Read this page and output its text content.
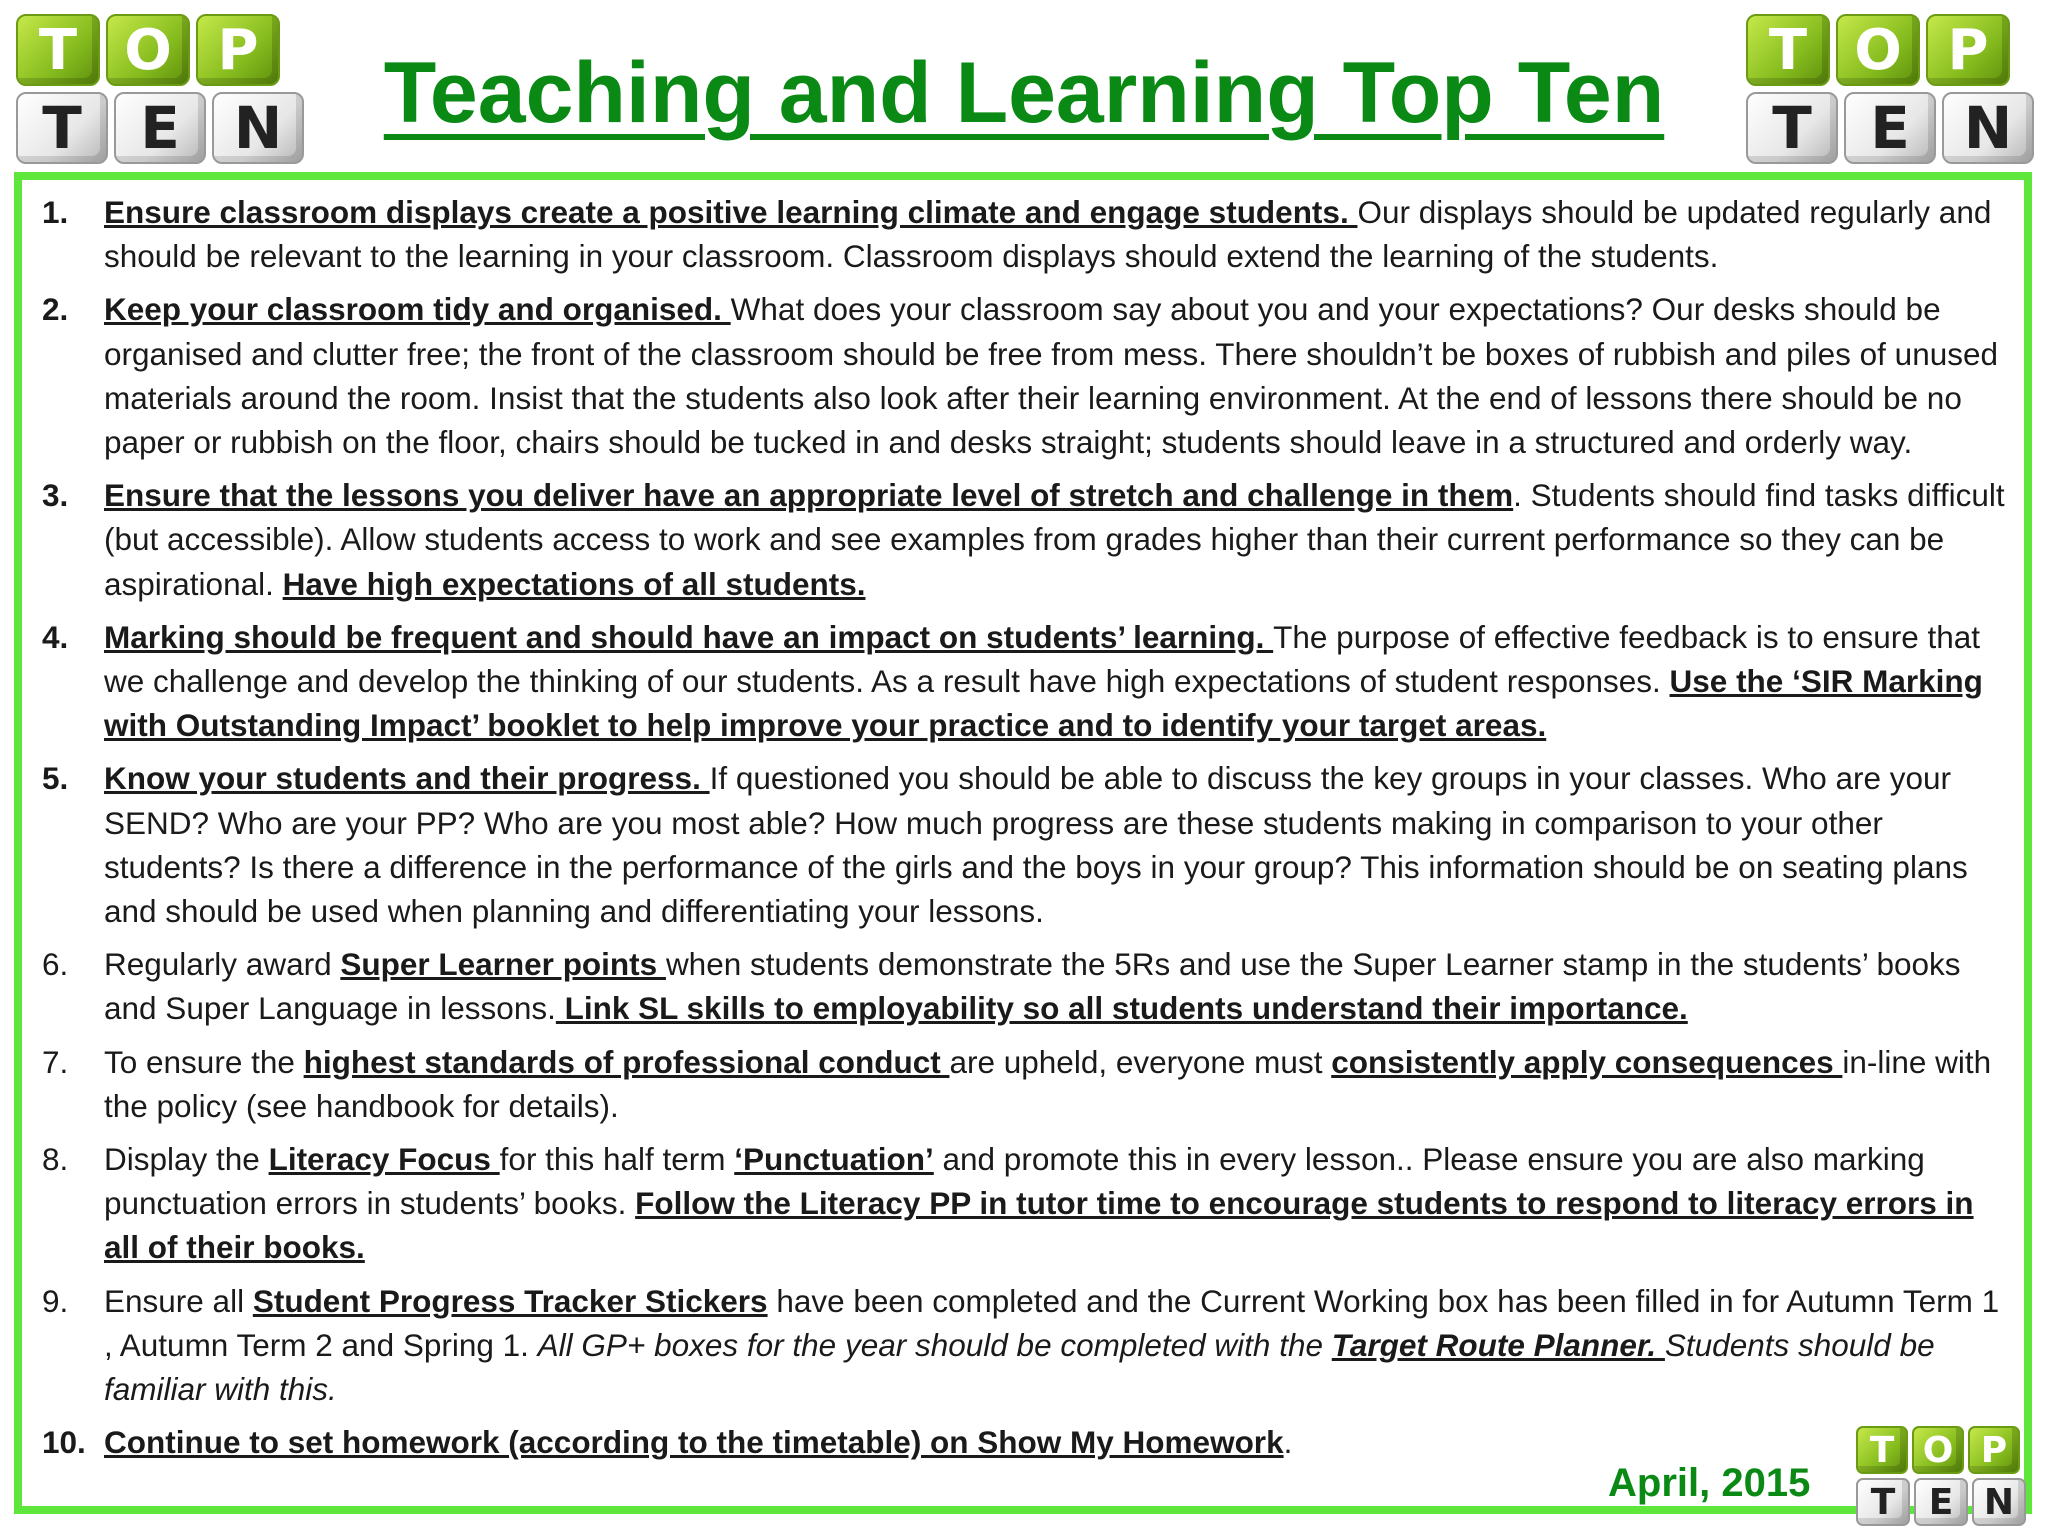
T O P
T	E N
T O P
T	E N
Teaching and Learning Top Ten
1. Ensure classroom displays create a positive learning climate and engage students. Our displays should be updated regularly and should be relevant to the learning in your classroom. Classroom displays should extend the learning of the students.
2. Keep your classroom tidy and organised. What does your classroom say about you and your expectations? Our desks should be organised and clutter free; the front of the classroom should be free from mess. There shouldn’t be boxes of rubbish and piles of unused materials around the room. Insist that the students also look after their learning environment. At the end of lessons there should be no paper or rubbish on the floor, chairs should be tucked in and desks straight; students should leave in a structured and orderly way.
3. Ensure that the lessons you deliver have an appropriate level of stretch and challenge in them. Students should find tasks difficult (but accessible). Allow students access to work and see examples from grades higher than their current performance so they can be aspirational. Have high expectations of all students.
4. Marking should be frequent and should have an impact on students’ learning. The purpose of effective feedback is to ensure that we challenge and develop the thinking of our students. As a result have high expectations of student responses. Use the ‘SIR Marking with Outstanding Impact’ booklet to help improve your practice and to identify your target areas.
5. Know your students and their progress. If questioned you should be able to discuss the key groups in your classes. Who are your SEND? Who are your PP? Who are you most able? How much progress are these students making in comparison to your other students? Is there a difference in the performance of the girls and the boys in your group? This information should be on seating plans and should be used when planning and differentiating your lessons.
6. Regularly award Super Learner points when students demonstrate the 5Rs and use the Super Learner stamp in the students’ books and Super Language in lessons. Link SL skills to employability so all students understand their importance.
7. To ensure the highest standards of professional conduct are upheld, everyone must consistently apply consequences in-line with the policy (see handbook for details).
8. Display the Literacy Focus for this half term ‘Punctuation’ and promote this in every lesson.. Please ensure you are also marking punctuation errors in students’ books. Follow the Literacy PP in tutor time to encourage students to respond to literacy errors in all of their books.
9. Ensure all Student Progress Tracker Stickers have been completed and the Current Working box has been filled in for Autumn Term 1 , Autumn Term 2 and Spring 1. All GP+ boxes for the year should be completed with the Target Route Planner. Students should be familiar with this.
10. Continue to set homework (according to the timetable) on Show My Homework.
April, 2015
T O P
T E N
